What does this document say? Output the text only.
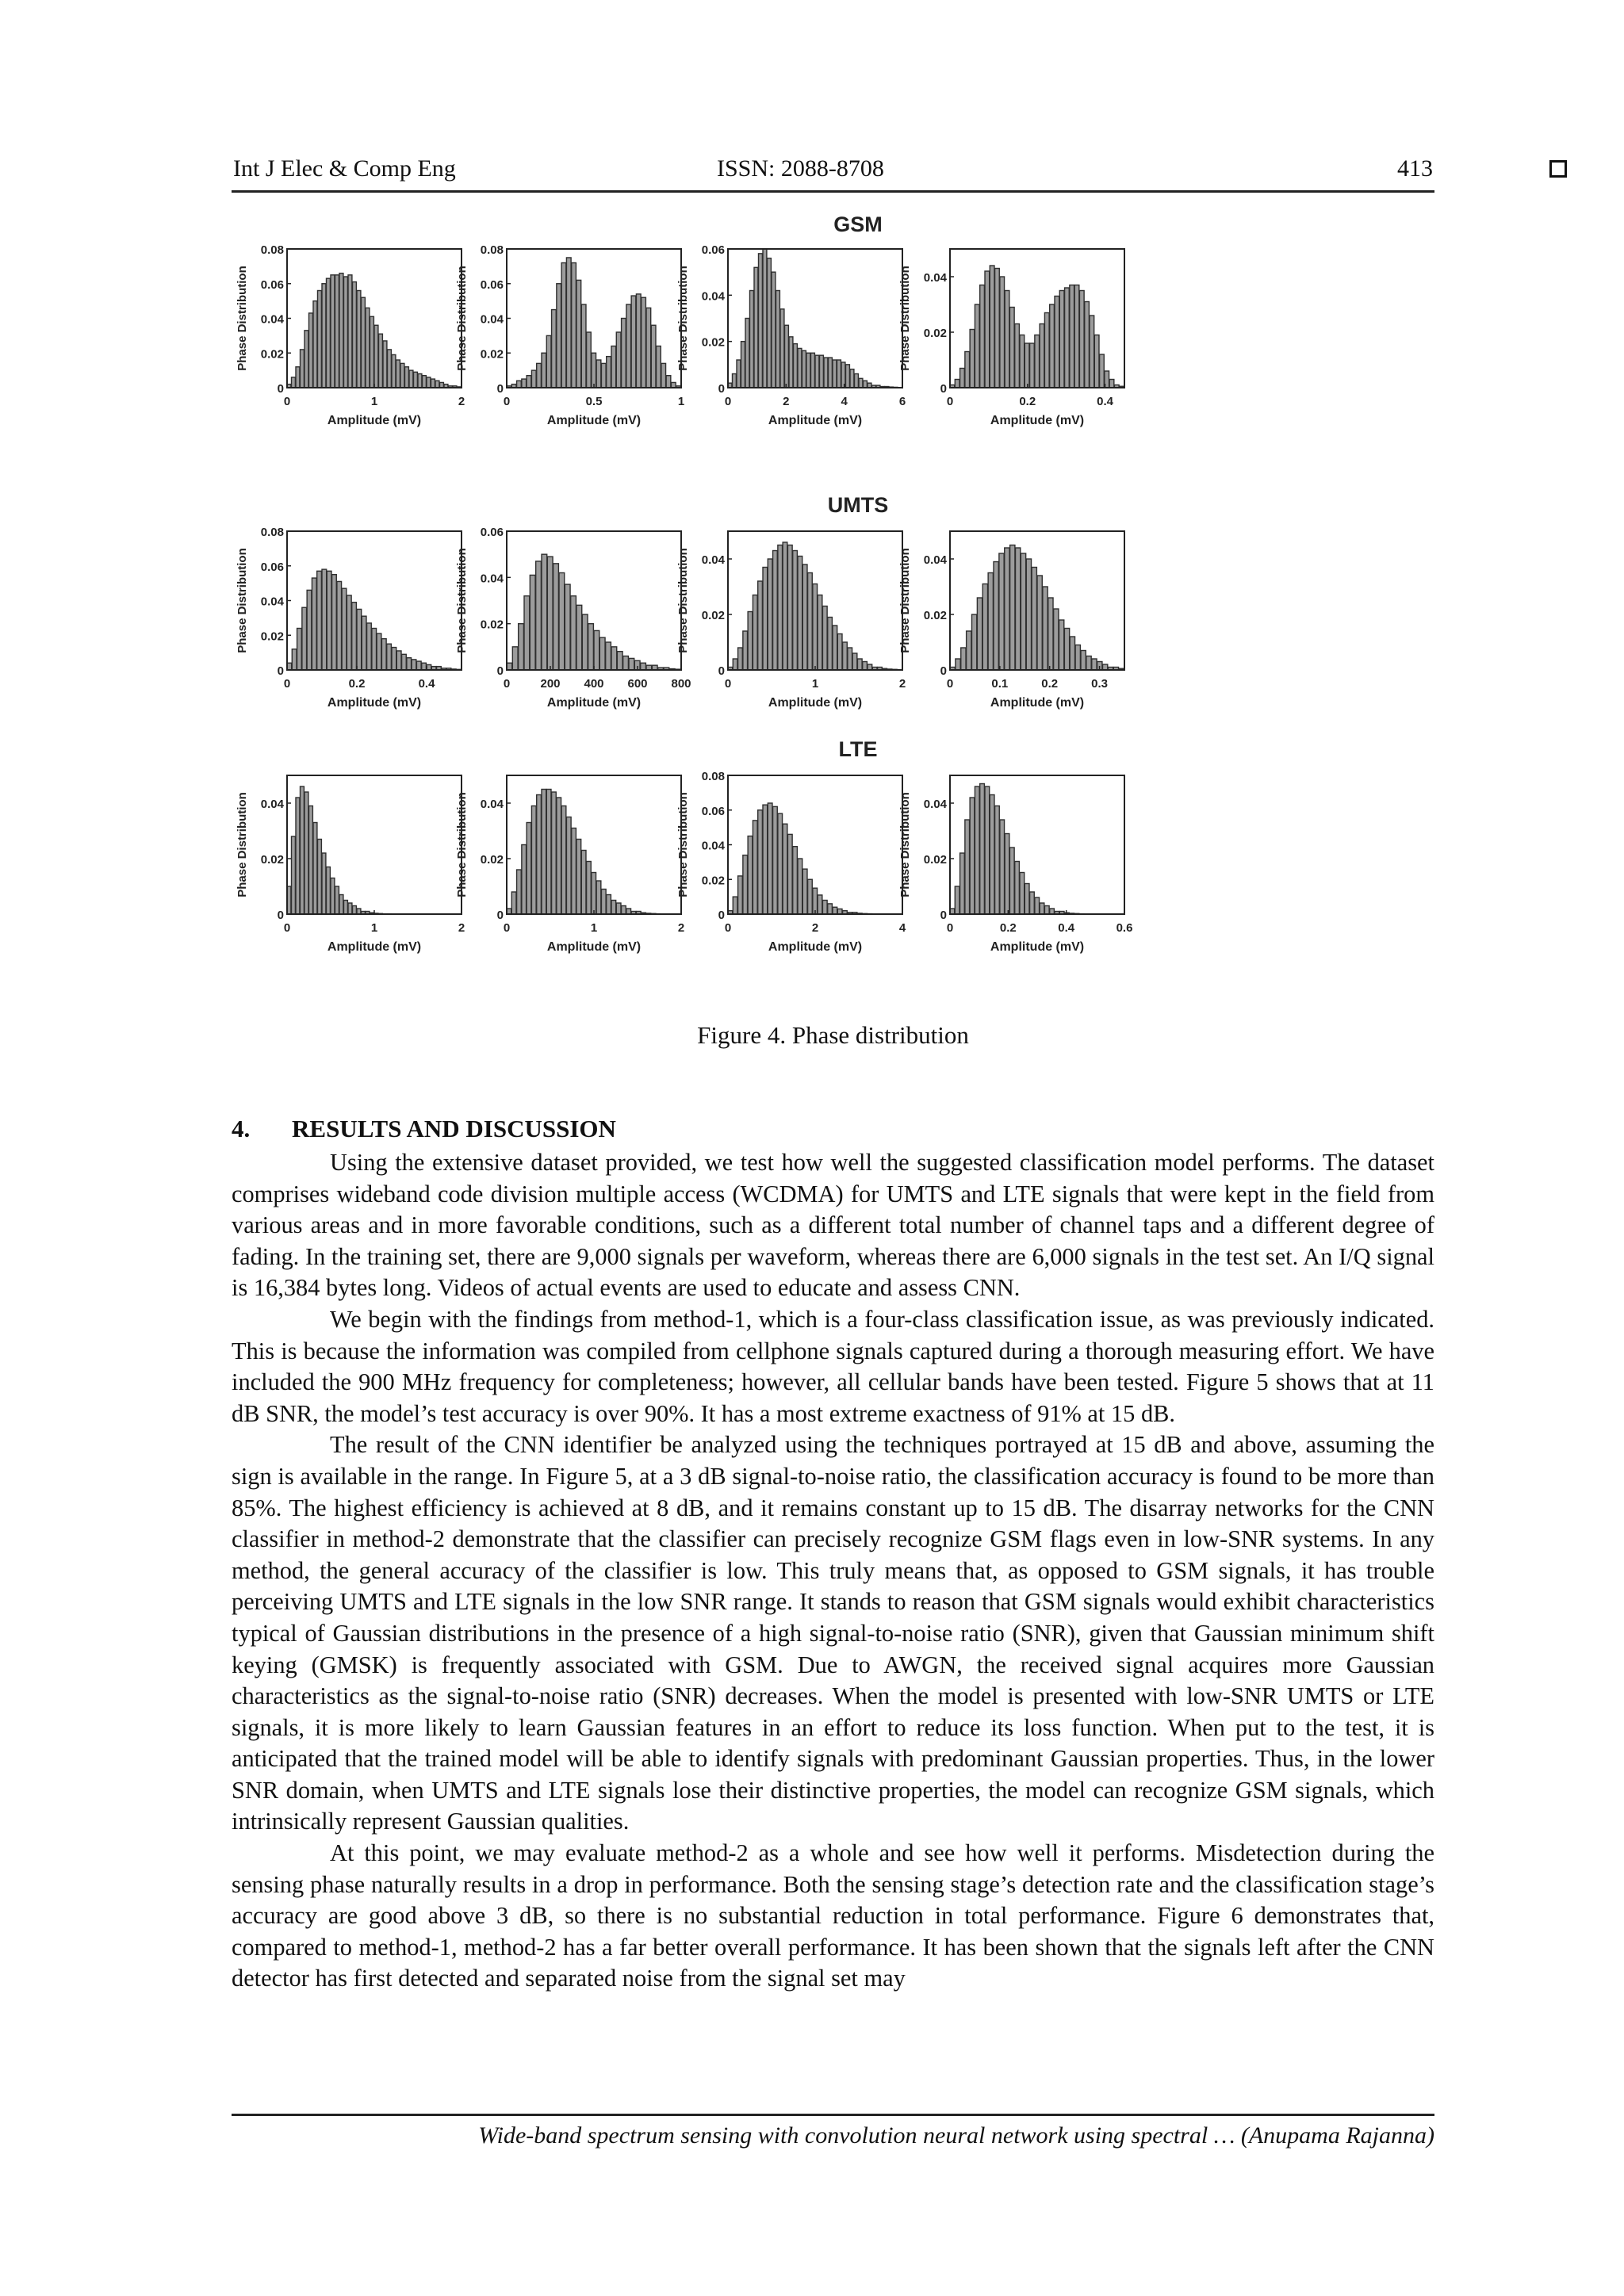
Int J Elec & Comp Eng	ISSN: 2088-8708	413
GSM
UMTS
LTE
0
0.02
0.04
0.06
0.08
0	1	2
Amplitude (mV)
Phase Distribution
0
0.02
0.04
0.06
0.08
0	0.5	1
Amplitude (mV)
Phase Distribution
0
0.02
0.04
0.06
0	2	4	6
Amplitude (mV)
Phase Distribution
0
0.02
0.04
0	0.2	0.4
Amplitude (mV)
Phase Distribution
0
0.02
0.04
0.06
0.08
0	0.2	0.4
Amplitude (mV)
Phase Distribution
0
0.02
0.04
0.06
0	200 400 600 800
Amplitude (mV)
Phase Distribution
0
0.02
0.04
0	1	2
Amplitude (mV)
Phase Distribution
0
0.02
0.04
0	0.1	0.2	0.3
Amplitude (mV)
Phase Distribution
0
0.02
0.04
0	1	2
Amplitude (mV)
Phase Distribution
0
0.02
0.04
0	1	2
Amplitude (mV)
Phase Distribution
0
0.02
0.04
0.06
0.08
0	2	4
Amplitude (mV)
Phase Distribution
0
0.02
0.04
0	0.2	0.4	0.6
Amplitude (mV)
Phase Distribution
Figure 4. Phase distribution
4. RESULTS AND DISCUSSION

Using the extensive dataset provided, we test how well the suggested classification model performs. The dataset comprises wideband code division multiple access (WCDMA) for UMTS and LTE signals that were kept in the field from various areas and in more favorable conditions, such as a different total number of channel taps and a different degree of fading. In the training set, there are 9,000 signals per waveform, whereas there are 6,000 signals in the test set. An I/Q signal is 16,384 bytes long. Videos of actual events are used to educate and assess CNN.

We begin with the findings from method-1, which is a four-class classification issue, as was previously indicated. This is because the information was compiled from cellphone signals captured during a thorough measuring effort. We have included the 900 MHz frequency for completeness; however, all cellular bands have been tested. Figure 5 shows that at 11 dB SNR, the model’s test accuracy is over 90%. It has a most extreme exactness of 91% at 15 dB.

The result of the CNN identifier be analyzed using the techniques portrayed at 15 dB and above, assuming the sign is available in the range. In Figure 5, at a 3 dB signal-to-noise ratio, the classification accuracy is found to be more than 85%. The highest efficiency is achieved at 8 dB, and it remains constant up to 15 dB. The disarray networks for the CNN classifier in method-2 demonstrate that the classifier can precisely recognize GSM flags even in low-SNR systems. In any method, the general accuracy of the classifier is low. This truly means that, as opposed to GSM signals, it has trouble perceiving UMTS and LTE signals in the low SNR range. It stands to reason that GSM signals would exhibit characteristics typical of Gaussian distributions in the presence of a high signal-to-noise ratio (SNR), given that Gaussian minimum shift keying (GMSK) is frequently associated with GSM. Due to AWGN, the received signal acquires more Gaussian characteristics as the signal-to-noise ratio (SNR) decreases. When the model is presented with low-SNR UMTS or LTE signals, it is more likely to learn Gaussian features in an effort to reduce its loss function. When put to the test, it is anticipated that the trained model will be able to identify signals with predominant Gaussian properties. Thus, in the lower SNR domain, when UMTS and LTE signals lose their distinctive properties, the model can recognize GSM signals, which intrinsically represent Gaussian qualities.

At this point, we may evaluate method-2 as a whole and see how well it performs. Misdetection during the sensing phase naturally results in a drop in performance. Both the sensing stage’s detection rate and the classification stage’s accuracy are good above 3 dB, so there is no substantial reduction in total performance. Figure 6 demonstrates that, compared to method-1, method-2 has a far better overall performance. It has been shown that the signals left after the CNN detector has first detected and separated noise from the signal set may

Wide-band spectrum sensing with convolution neural network using spectral … (Anupama Rajanna)
